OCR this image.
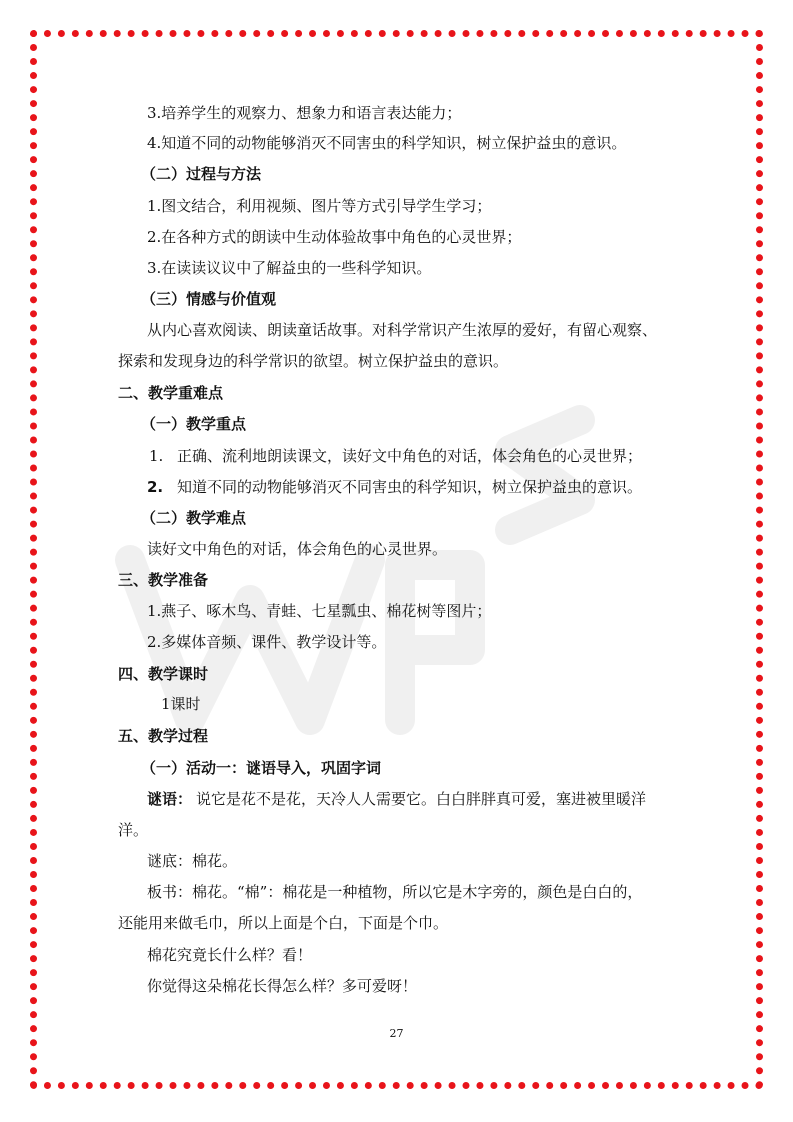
3.培养学生的观察力、想象力和语言表达能力；
4.知道不同的动物能够消灭不同害虫的科学知识，树立保护益虫的意识。
（二）过程与方法
1.图文结合，利用视频、图片等方式引导学生学习；
2.在各种方式的朗读中生动体验故事中角色的心灵世界；
3.在读读议议中了解益虫的一些科学知识。
（三）情感与价值观
从内心喜欢阅读、朗读童话故事。对科学常识产生浓厚的爱好，有留心观察、
探索和发现身边的科学常识的欲望。树立保护益虫的意识。
二、教学重难点
（一）教学重点
1. 正确、流利地朗读课文，读好文中角色的对话，体会角色的心灵世界；
2. 知道不同的动物能够消灭不同害虫的科学知识，树立保护益虫的意识。
（二）教学难点
读好文中角色的对话，体会角色的心灵世界。
三、教学准备
1.燕子、啄木鸟、青蛙、七星瓢虫、棉花树等图片；
2.多媒体音频、课件、教学设计等。
四、教学课时
1课时
五、教学过程
（一）活动一：谜语导入，巩固字词
谜语： 说它是花不是花，天冷人人需要它。白白胖胖真可爱，塞进被里暖洋
洋。
谜底：棉花。
板书：棉花。“棉”：棉花是一种植物，所以它是木字旁的，颜色是白白的，
还能用来做毛巾，所以上面是个白，下面是个巾。
棉花究竟长什么样？看！
你觉得这朵棉花长得怎么样？多可爱呀！
27
